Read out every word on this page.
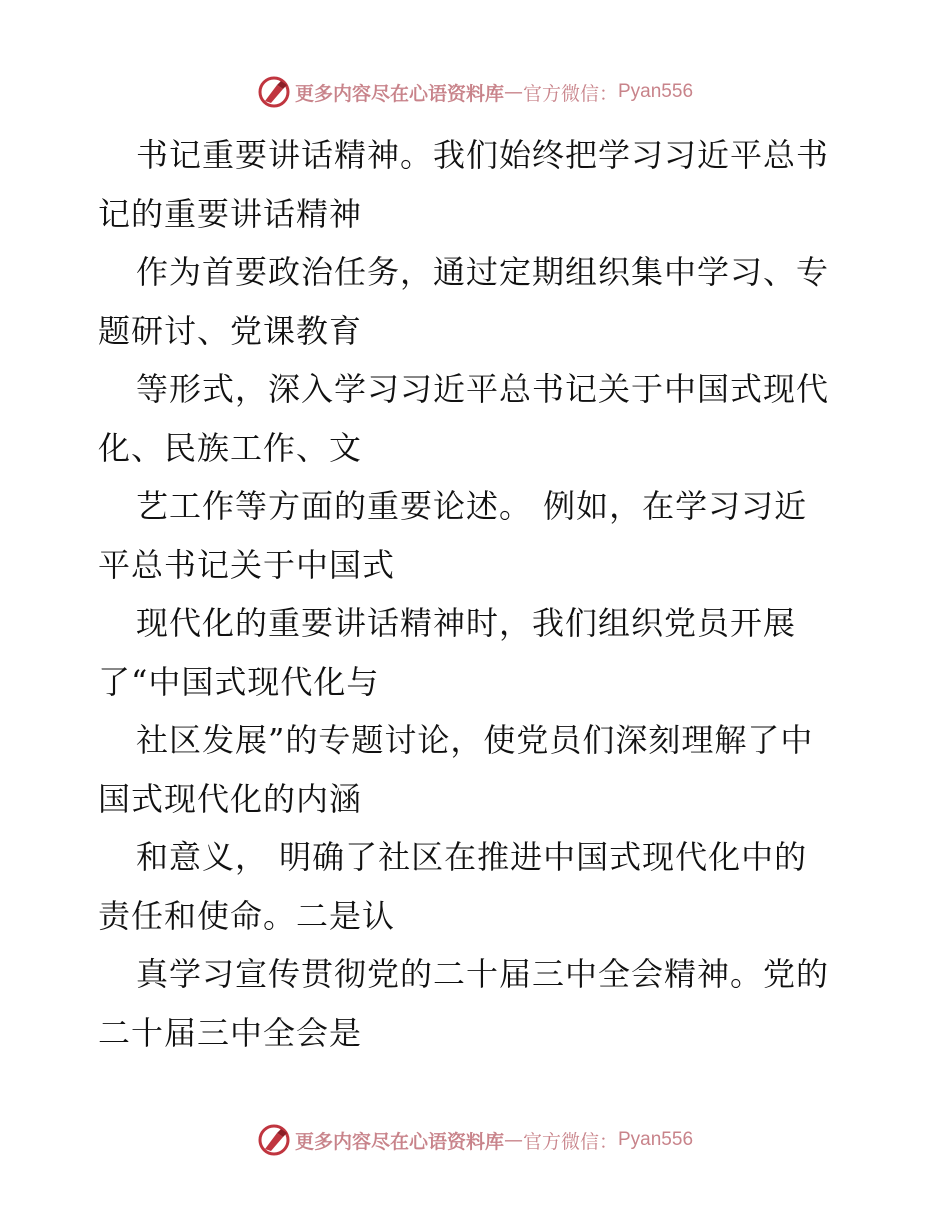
更多内容尽在心语资料库 — 官方微信： Pyan556
书记重要讲话精神。我们始终把学习习近平总书
记的重要讲话精神
作为首要政治任务，通过定期组织集中学习、专
题研讨、党课教育
等形式，深入学习习近平总书记关于中国式现代
化、民族工作、文
艺工作等方面的重要论述。 例如，在学习习近
平总书记关于中国式
现代化的重要讲话精神时，我们组织党员开展
了“中国式现代化与
社区发展”的专题讨论，使党员们深刻理解了中
国式现代化的内涵
和意义， 明确了社区在推进中国式现代化中的
责任和使命。二是认
真学习宣传贯彻党的二十届三中全会精神。党的
二十届三中全会是
更多内容尽在心语资料库 — 官方微信： Pyan556
